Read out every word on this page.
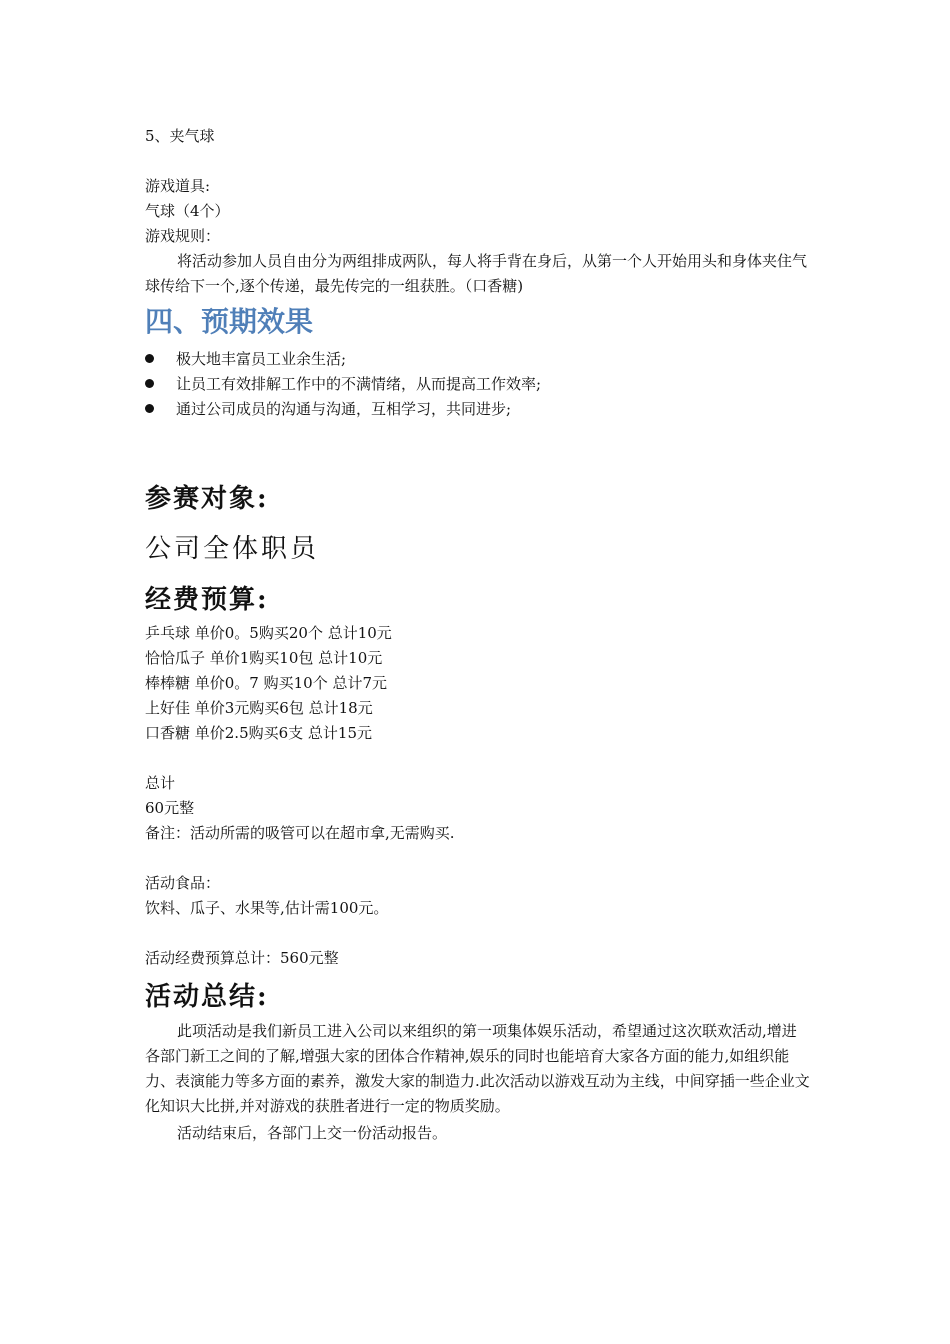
5、夹气球
游戏道具:
气球（4个）
游戏规则：
将活动参加人员自由分为两组排成两队，每人将手背在身后，从第一个人开始用头和身体夹住气球传给下一个,逐个传递，最先传完的一组获胜。（口香糖)
四、预期效果
极大地丰富员工业余生活;
让员工有效排解工作中的不满情绪，从而提高工作效率;
通过公司成员的沟通与沟通，互相学习，共同进步;
参赛对象:
公司全体职员
经费预算:
乒乓球 单价0。5购买20个 总计10元
恰恰瓜子 单价1购买10包 总计10元
棒棒糖 单价0。7 购买10个 总计7元
上好佳 单价3元购买6包 总计18元
口香糖 单价2.5购买6支 总计15元
总计
60元整
备注：活动所需的吸管可以在超市拿,无需购买.
活动食品：
饮料、瓜子、水果等,估计需100元。
活动经费预算总计：560元整
活动总结:
此项活动是我们新员工进入公司以来组织的第一项集体娱乐活动，希望通过这次联欢活动,增进各部门新工之间的了解,增强大家的团体合作精神,娱乐的同时也能培育大家各方面的能力,如组织能力、表演能力等多方面的素养，激发大家的制造力.此次活动以游戏互动为主线，中间穿插一些企业文化知识大比拼,并对游戏的获胜者进行一定的物质奖励。
活动结束后，各部门上交一份活动报告。
